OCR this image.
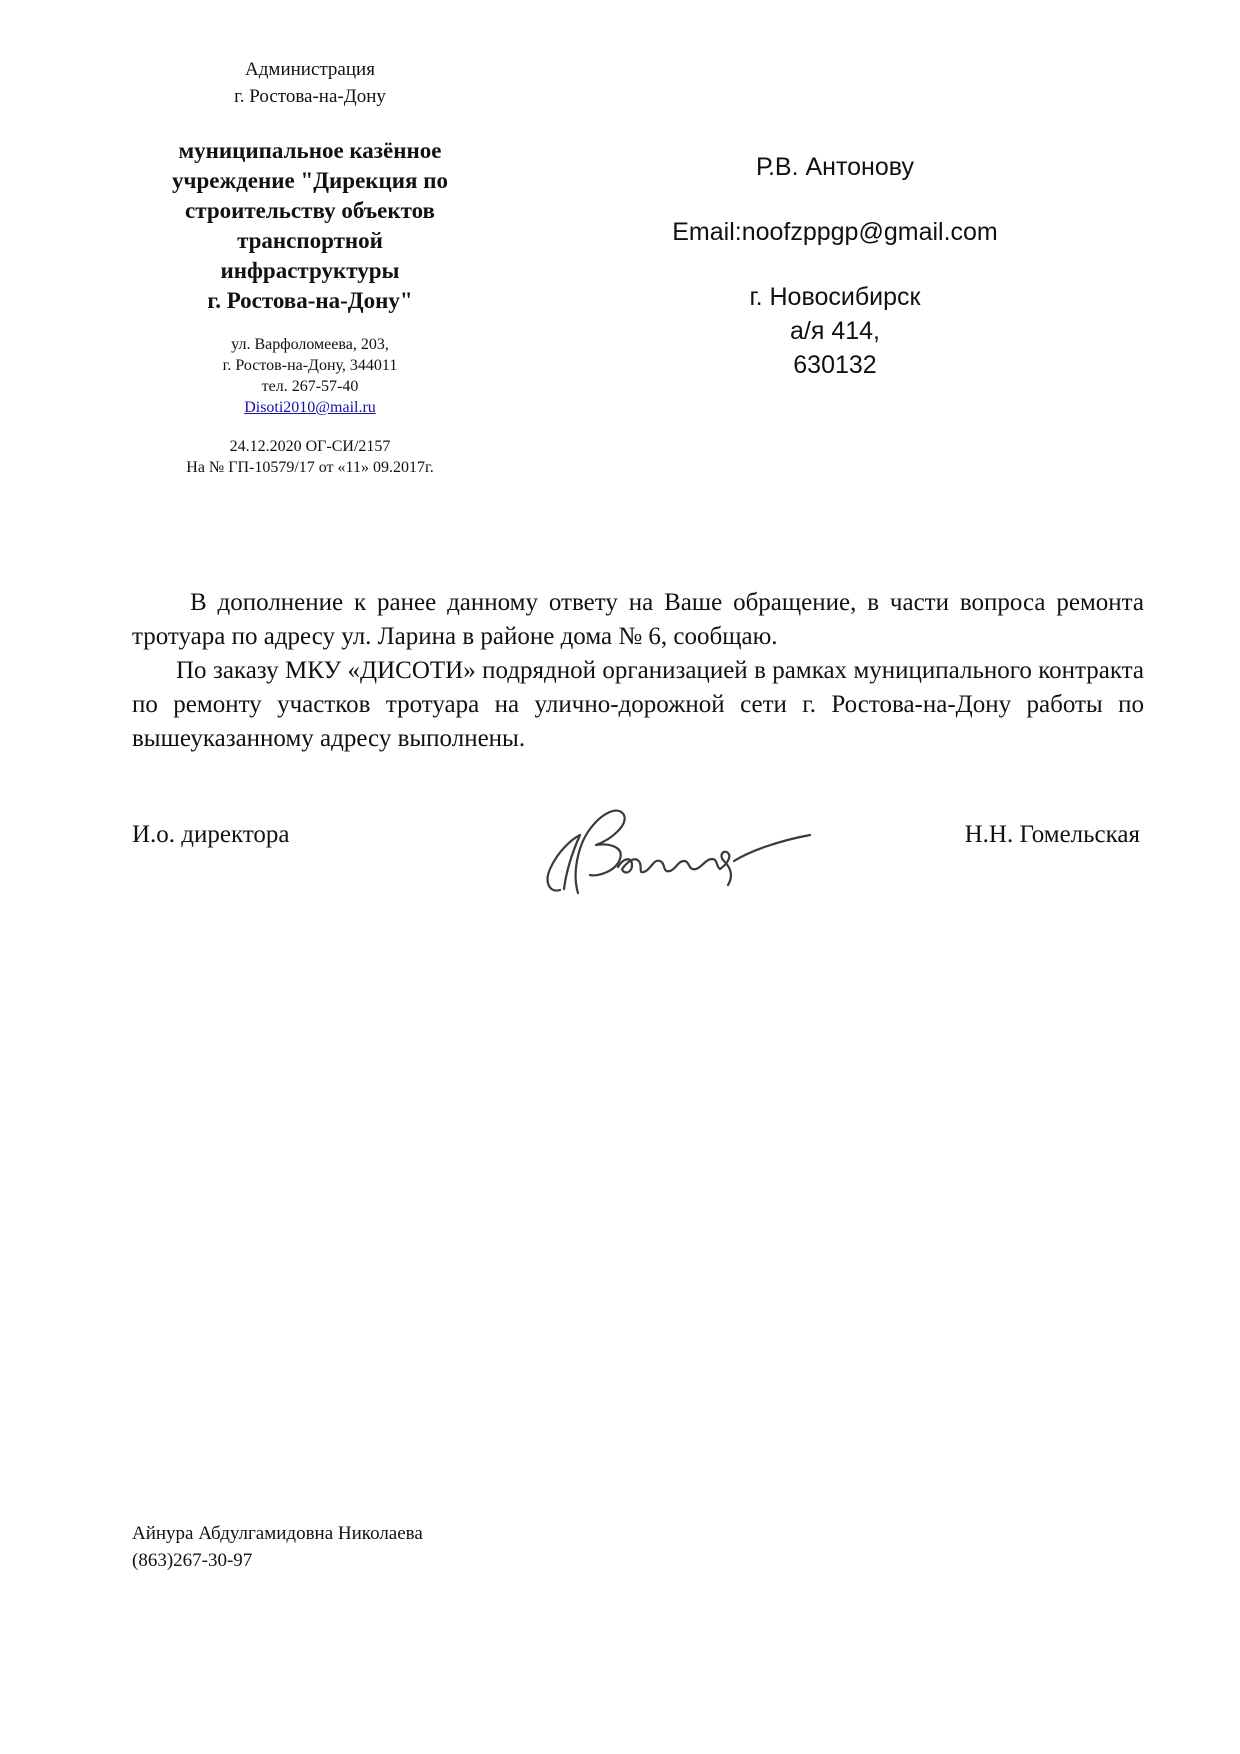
Администрация
г. Ростова-на-Дону
муниципальное казённое
учреждение "Дирекция по
строительству объектов
транспортной
инфраструктуры
г. Ростова-на-Дону"
ул. Варфоломеева, 203,
г. Ростов-на-Дону, 344011
тел. 267-57-40
Disoti2010@mail.ru
24.12.2020 ОГ-СИ/2157
На № ГП-10579/17 от «11» 09.2017г.
Р.В. Антонову
Email:noofzppgp@gmail.com
г. Новосибирск
а/я 414,
630132

В дополнение к ранее данному ответу на Ваше обращение, в части вопроса ремонта тротуара по адресу ул. Ларина в районе дома № 6, сообщаю.

По заказу МКУ «ДИСОТИ» подрядной организацией в рамках муниципального контракта по ремонту участков тротуара на улично-дорожной сети г. Ростова-на-Дону работы по вышеуказанному адресу выполнены.

И.о. директора	Н.Н. Гомельская
Айнура Абдулгамидовна Николаева
(863)267-30-97
